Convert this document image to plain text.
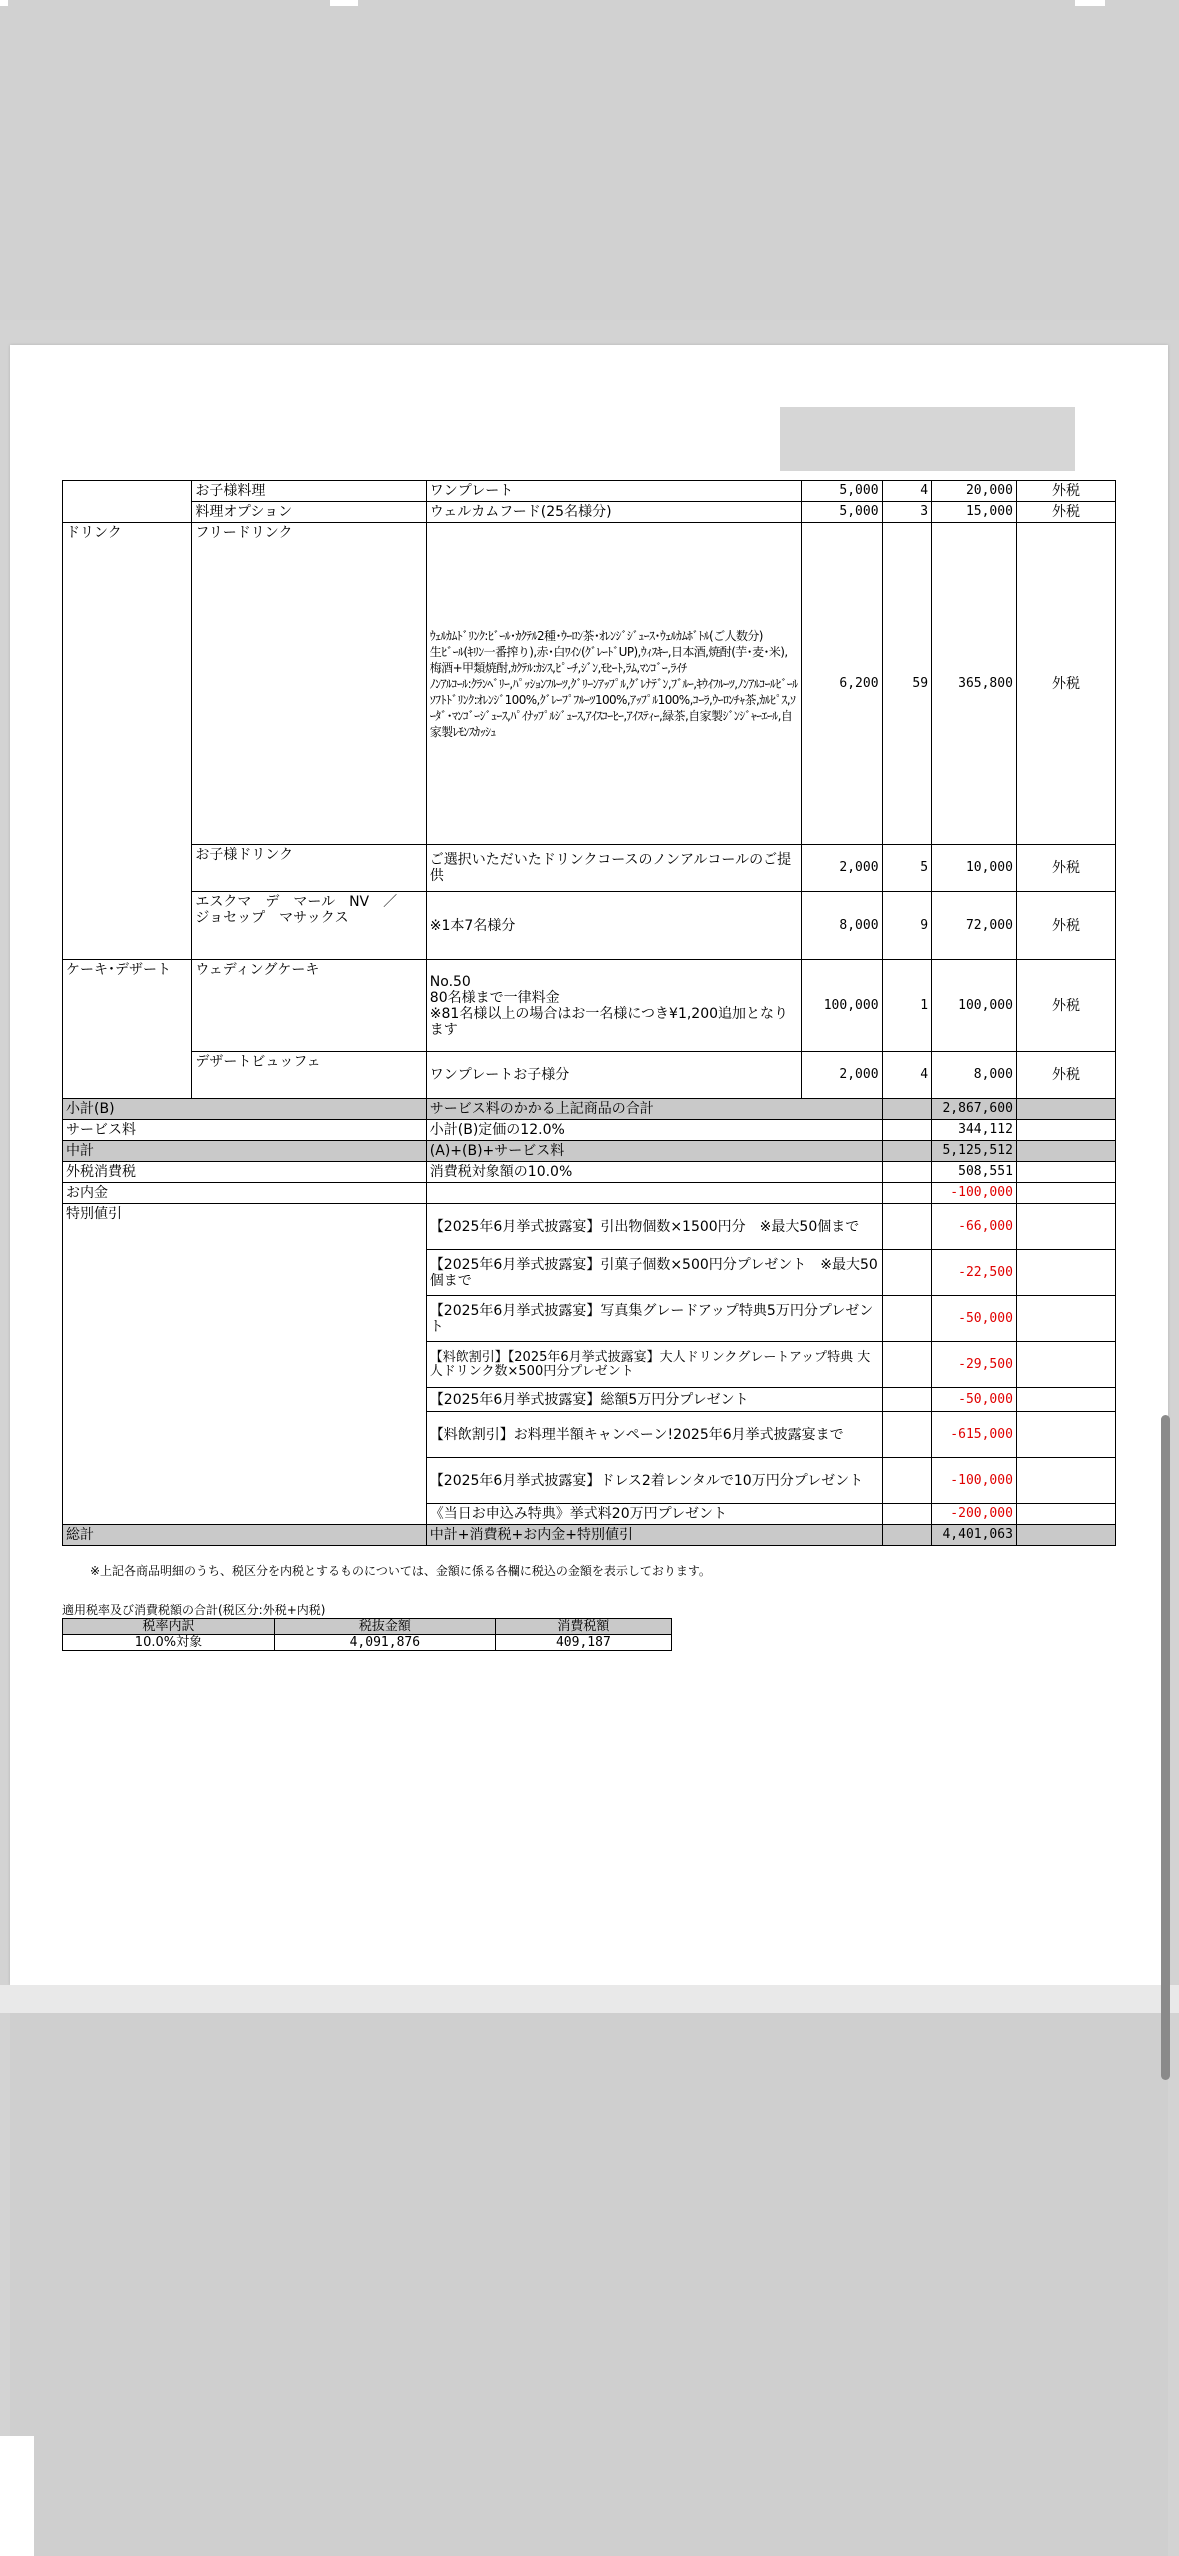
	お子様料理	ワンプレート	5,000	4	20,000	外税
	料理オプション	ウェルカムフード(25名様分)	5,000	3	15,000	外税
ドリンク	フリードリンク	ｳｪﾙｶﾑﾄﾞﾘﾝｸ:ﾋﾞｰﾙ･ｶｸﾃﾙ2種･ｳｰﾛﾝ茶･ｵﾚﾝｼﾞｼﾞｭｰｽ･ｳｪﾙｶﾑﾎﾞﾄﾙ(ご人数分)
生ﾋﾞｰﾙ(ｷﾘﾝ一番搾り),赤･白ﾜｲﾝ(ｸﾞﾚｰﾄﾞUP),ｳｨｽｷｰ,日本酒,焼酎(芋･麦･米),梅酒+甲類焼酎,ｶｸﾃﾙ:ｶｼｽ,ﾋﾟｰﾁ,ｼﾞﾝ,ﾓﾋｰﾄ,ﾗﾑ,ﾏﾝｺﾞｰ,ﾗｲﾁ
ﾉﾝｱﾙｺｰﾙ:ｸﾗﾝﾍﾞﾘｰ,ﾊﾟｯｼｮﾝﾌﾙｰﾂ,ｸﾞﾘｰﾝｱｯﾌﾟﾙ,ｸﾞﾚﾅﾃﾞﾝ,ﾌﾞﾙｰ,ｷｳｲﾌﾙｰﾂ,ﾉﾝｱﾙｺｰﾙﾋﾞｰﾙ
ｿﾌﾄﾄﾞﾘﾝｸ:ｵﾚﾝｼﾞ100%,ｸﾞﾚｰﾌﾟﾌﾙｰﾂ100%,ｱｯﾌﾟﾙ100%,ｺｰﾗ,ｳｰﾛﾝﾁｬ茶,ｶﾙﾋﾟｽ,ｿｰﾀﾞ･ﾏﾝｺﾞｰｼﾞｭｰｽ,ﾊﾟｲﾅｯﾌﾟﾙｼﾞｭｰｽ,ｱｲｽｺｰﾋｰ,ｱｲｽﾃｨｰ,緑茶,自家製ｼﾞﾝｼﾞｬｰｴｰﾙ,自家製ﾚﾓﾝｽｶｯｼｭ	6,200	59	365,800	外税
	お子様ドリンク	ご選択いただいたドリンクコースのノンアルコールのご提供	2,000	5	10,000	外税
	エスクマ　デ　マール　NV　／　ジョセップ　マサックス	※1本7名様分	8,000	9	72,000	外税
ケーキ･デザート	ウェディングケーキ	No.50
80名様まで一律料金
※81名様以上の場合はお一名様につき¥1,200追加となります	100,000	1	100,000	外税
	デザートビュッフェ	ワンプレートお子様分	2,000	4	8,000	外税
小計(B)		サービス料のかかる上記商品の合計			2,867,600	
サービス料		小計(B)定価の12.0%			344,112	
中計		(A)+(B)+サービス料			5,125,512	
外税消費税		消費税対象額の10.0%			508,551	
お内金					-100,000	
特別値引		【2025年6月挙式披露宴】引出物個数×1500円分　※最大50個まで			-66,000	
		【2025年6月挙式披露宴】引菓子個数×500円分プレゼント　※最大50個まで			-22,500	
		【2025年6月挙式披露宴】写真集グレードアップ特典5万円分プレゼント			-50,000	
		【料飲割引】【2025年6月挙式披露宴】大人ドリンクグレートアップ特典 大人ドリンク数×500円分プレゼント			-29,500	
		【2025年6月挙式披露宴】総額5万円分プレゼント			-50,000	
		【料飲割引】お料理半額キャンペーン!2025年6月挙式披露宴まで			-615,000	
		【2025年6月挙式披露宴】ドレス2着レンタルで10万円分プレゼント			-100,000	
		《当日お申込み特典》挙式料20万円プレゼント			-200,000	
総計		中計+消費税+お内金+特別値引			4,401,063	
※上記各商品明細のうち、税区分を内税とするものについては、金額に係る各欄に税込の金額を表示しております。
適用税率及び消費税額の合計(税区分:外税+内税)
税率内訳	税抜金額	消費税額
10.0%対象	4,091,876	409,187
